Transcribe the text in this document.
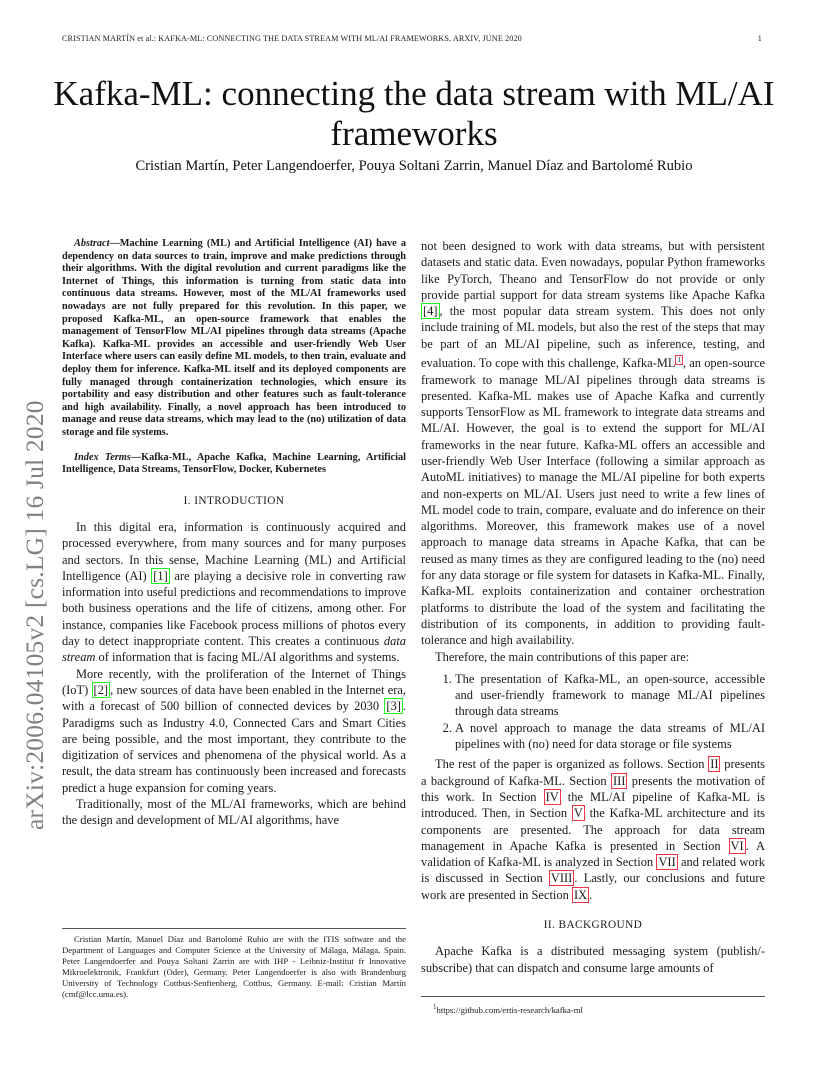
CRISTIAN MARTÍN et al.: KAFKA-ML: CONNECTING THE DATA STREAM WITH ML/AI FRAMEWORKS, ARXIV, JUNE 2020	1
Kafka-ML: connecting the data stream with ML/AI
frameworks
Cristian Martín, Peter Langendoerfer, Pouya Soltani Zarrin, Manuel Díaz and Bartolomé Rubio
arXiv:2006.04105v2 [cs.LG] 16 Jul 2020

Abstract—Machine Learning (ML) and Artificial Intelligence (AI) have a dependency on data sources to train, improve and make predictions through their algorithms. With the digital revolution and current paradigms like the Internet of Things, this information is turning from static data into continuous data streams. However, most of the ML/AI frameworks used nowadays are not fully prepared for this revolution. In this paper, we proposed Kafka-ML, an open-source framework that enables the management of TensorFlow ML/AI pipelines through data streams (Apache Kafka). Kafka-ML provides an accessible and user-friendly Web User Interface where users can easily define ML models, to then train, evaluate and deploy them for inference. Kafka-ML itself and its deployed components are fully managed through containerization technologies, which ensure its portability and easy distribution and other features such as fault-tolerance and high availability. Finally, a novel approach has been introduced to manage and reuse data streams, which may lead to the (no) utilization of data storage and file systems.

Index Terms—Kafka-ML, Apache Kafka, Machine Learning, Artificial Intelligence, Data Streams, TensorFlow, Docker, Kubernetes

I. INTRODUCTION

In this digital era, information is continuously acquired and processed everywhere, from many sources and for many purposes and sectors. In this sense, Machine Learning (ML) and Artificial Intelligence (AI) [1] are playing a decisive role in converting raw information into useful predictions and recommendations to improve both business operations and the life of citizens, among other. For instance, companies like Facebook process millions of photos every day to detect inappropriate content. This creates a continuous data stream of information that is facing ML/AI algorithms and systems.

More recently, with the proliferation of the Internet of Things (IoT) [2] , new sources of data have been enabled in the Internet era, with a forecast of 500 billion of connected devices by 2030 [3] . Paradigms such as Industry 4.0, Connected Cars and Smart Cities are being possible, and the most important, they contribute to the digitization of services and phenomena of the physical world. As a result, the data stream has continuously been increased and forecasts predict a huge expansion for coming years.

Traditionally, most of the ML/AI frameworks, which are behind the design and development of ML/AI algorithms, have

not been designed to work with data streams, but with persistent datasets and static data. Even nowadays, popular Python frameworks like PyTorch, Theano and TensorFlow do not provide or only provide partial support for data stream systems like Apache Kafka [4] , the most popular data stream system. This does not only include training of ML models, but also the rest of the steps that may be part of an ML/AI pipeline, such as inference, testing, and evaluation. To cope with this challenge, Kafka-ML $^1$ , an open-source framework to manage ML/AI pipelines through data streams is presented. Kafka-ML makes use of Apache Kafka and currently supports TensorFlow as ML framework to integrate data streams and ML/AI. However, the goal is to extend the support for ML/AI frameworks in the near future. Kafka-ML offers an accessible and user-friendly Web User Interface (following a similar approach as AutoML initiatives) to manage the ML/AI pipeline for both experts and non-experts on ML/AI. Users just need to write a few lines of ML model code to train, compare, evaluate and do inference on their algorithms. Moreover, this framework makes use of a novel approach to manage data streams in Apache Kafka, that can be reused as many times as they are configured leading to the (no) need for any data storage or file system for datasets in Kafka-ML. Finally, Kafka-ML exploits containerization and container orchestration platforms to distribute the load of the system and facilitating the distribution of its components, in addition to providing fault-tolerance and high availability.

Therefore, the main contributions of this paper are:

1. The presentation of Kafka-ML, an open-source, accessible and user-friendly framework to manage ML/AI pipelines through data streams
2. A novel approach to manage the data streams of ML/AI pipelines with (no) need for data storage or file systems

The rest of the paper is organized as follows. Section II presents a background of Kafka-ML. Section III presents the motivation of this work. In Section IV the ML/AI pipeline of Kafka-ML is introduced. Then, in Section V the Kafka-ML architecture and its components are presented. The approach for data stream management in Apache Kafka is presented in Section VI . A validation of Kafka-ML is analyzed in Section VII and related work is discussed in Section VIII . Lastly, our conclusions and future work are presented in Section IX .

II. BACKGROUND

Apache Kafka is a distributed messaging system (publish/-subscribe) that can dispatch and consume large amounts of

Cristian Martín, Manuel Díaz and Bartolomé Rubio are with the ITIS software and the Department of Languages and Computer Science at the University of Málaga, Málaga, Spain. Peter Langendoerfer and Pouya Soltani Zarrin are with IHP - Leibniz-Institut fr Innovative Mikroelektronik, Frankfurt (Oder), Germany. Peter Langendoerfer is also with Brandenburg University of Technology Cottbus-Senftenberg, Cottbus, Germany. E-mail: Cristian Martín (cmf@lcc.uma.es).
$^1$https://github.com/ertis-research/kafka-ml
